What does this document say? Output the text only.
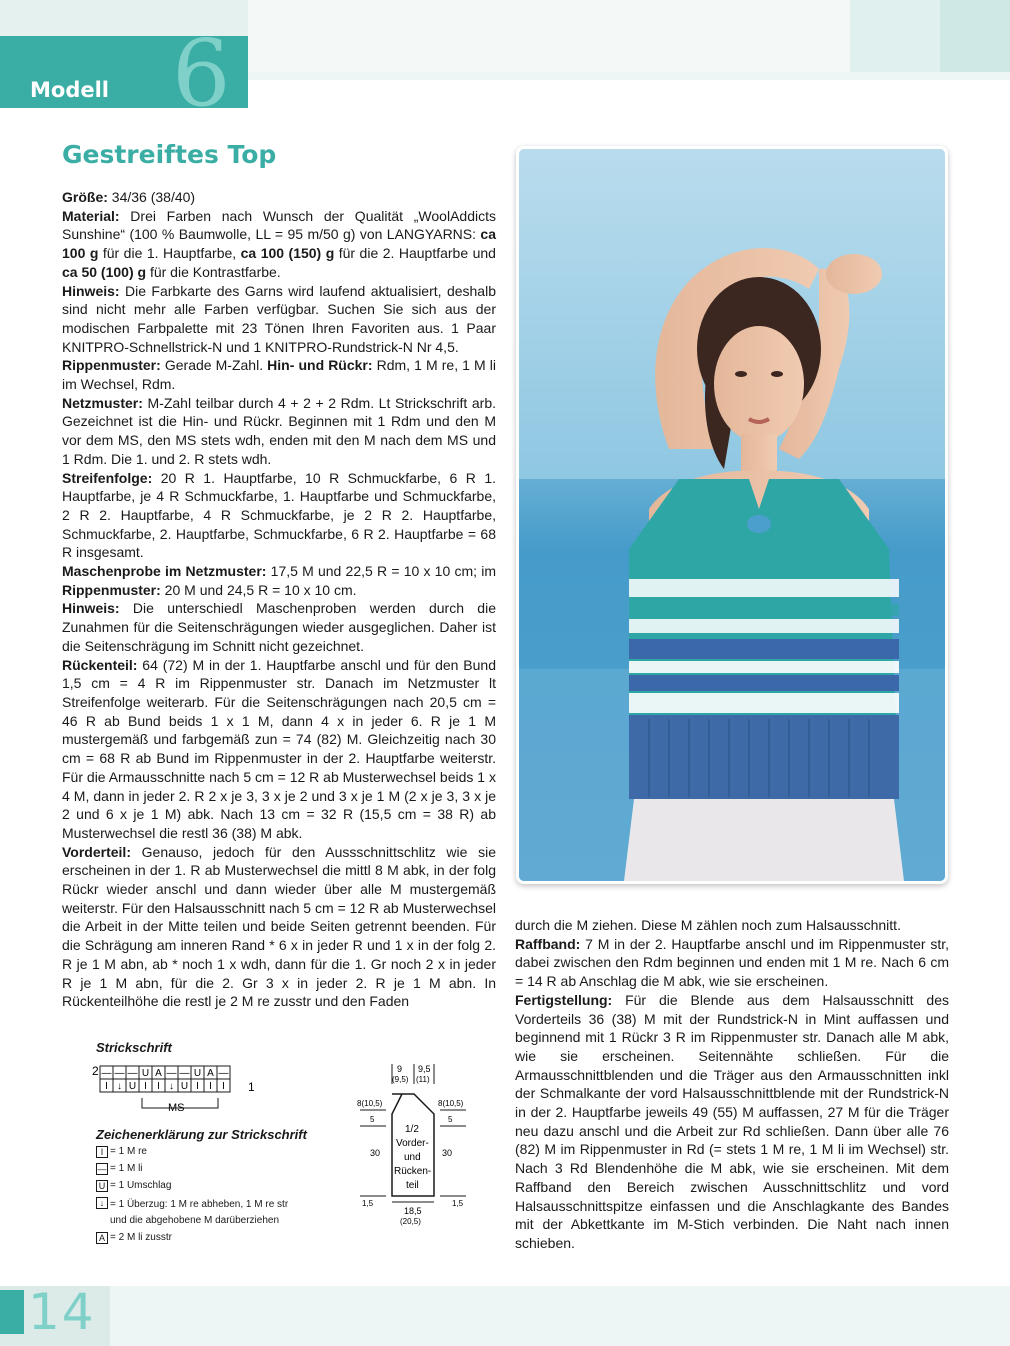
Modell 6
Gestreiftes Top

Größe: 34/36 (38/40)

Material: Drei Farben nach Wunsch der Qualität „WoolAddicts Sunshine“ (100 % Baumwolle, LL = 95 m/50 g) von LANGYARNS: ca 100 g für die 1. Hauptfarbe, ca 100 (150) g für die 2. Hauptfarbe und ca 50 (100) g für die Kontrastfarbe.

Hinweis: Die Farbkarte des Garns wird laufend aktualisiert, deshalb sind nicht mehr alle Farben verfügbar. Suchen Sie sich aus der modischen Farbpalette mit 23 Tönen Ihren Favoriten aus. 1 Paar KNITPRO-Schnellstrick-N und 1 KNITPRO-Rundstrick-N Nr 4,5.

Rippenmuster: Gerade M-Zahl. Hin- und Rückr: Rdm, 1 M re, 1 M li im Wechsel, Rdm.

Netzmuster: M-Zahl teilbar durch 4 + 2 + 2 Rdm. Lt Strickschrift arb. Gezeichnet ist die Hin- und Rückr. Beginnen mit 1 Rdm und den M vor dem MS, den MS stets wdh, enden mit den M nach dem MS und 1 Rdm. Die 1. und 2. R stets wdh.

Streifenfolge: 20 R 1. Hauptfarbe, 10 R Schmuckfarbe, 6 R 1. Hauptfarbe, je 4 R Schmuckfarbe, 1. Hauptfarbe und Schmuckfarbe, 2 R 2. Hauptfarbe, 4 R Schmuckfarbe, je 2 R 2. Hauptfarbe, Schmuckfarbe, 2. Hauptfarbe, Schmuckfarbe, 6 R 2. Hauptfarbe = 68 R insgesamt.

Maschenprobe im Netzmuster: 17,5 M und 22,5 R = 10 x 10 cm; im Rippenmuster: 20 M und 24,5 R = 10 x 10 cm.

Hinweis: Die unterschiedl Maschenproben werden durch die Zunahmen für die Seitenschrägungen wieder ausgeglichen. Daher ist die Seitenschrägung im Schnitt nicht gezeichnet.

Rückenteil: 64 (72) M in der 1. Hauptfarbe anschl und für den Bund 1,5 cm = 4 R im Rippenmuster str. Danach im Netzmuster lt Streifenfolge weiterarb. Für die Seitenschrägungen nach 20,5 cm = 46 R ab Bund beids 1 x 1 M, dann 4 x in jeder 6. R je 1 M mustergemäß und farbgemäß zun = 74 (82) M. Gleichzeitig nach 30 cm = 68 R ab Bund im Rippenmuster in der 2. Hauptfarbe weiterstr. Für die Armausschnitte nach 5 cm = 12 R ab Musterwechsel beids 1 x 4 M, dann in jeder 2. R 2 x je 3, 3 x je 2 und 3 x je 1 M (2 x je 3, 3 x je 2 und 6 x je 1 M) abk. Nach 13 cm = 32 R (15,5 cm = 38 R) ab Musterwechsel die restl 36 (38) M abk.

Vorderteil: Genauso, jedoch für den Aussschnittschlitz wie sie erscheinen in der 1. R ab Musterwechsel die mittl 8 M abk, in der folg Rückr wieder anschl und dann wieder über alle M mustergemäß weiterstr. Für den Halsausschnitt nach 5 cm = 12 R ab Musterwechsel die Arbeit in der Mitte teilen und beide Seiten getrennt beenden. Für die Schrägung am inneren Rand * 6 x in jeder R und 1 x in der folg 2. R je 1 M abn, ab * noch 1 x wdh, dann für die 1. Gr noch 2 x in jeder R je 1 M abn, für die 2. Gr 3 x in jeder 2. R je 1 M abn. In Rückenteilhöhe die restl je 2 M re zusstr und den Faden

durch die M ziehen. Diese M zählen noch zum Halsausschnitt.

Raffband: 7 M in der 2. Hauptfarbe anschl und im Rippenmuster str, dabei zwischen den Rdm beginnen und enden mit 1 M re. Nach 6 cm = 14 R ab Anschlag die M abk, wie sie erscheinen.

Fertigstellung: Für die Blende aus dem Halsausschnitt des Vorderteils 36 (38) M mit der Rundstrick-N in Mint auffassen und beginnend mit 1 Rückr 3 R im Rippenmuster str. Danach alle M abk, wie sie erscheinen. Seitennähte schließen. Für die Armausschnittblenden und die Träger aus den Armausschnitten inkl der Schmalkante der vord Halsausschnittblende mit der Rundstrick-N in der 2. Hauptfarbe jeweils 49 (55) M auffassen, 27 M für die Träger neu dazu anschl und die Arbeit zur Rd schließen. Dann über alle 76 (82) M im Rippenmuster in Rd (= stets 1 M re, 1 M li im Wechsel) str. Nach 3 Rd Blendenhöhe die M abk, wie sie erscheinen. Mit dem Raffband den Bereich zwischen Ausschnittschlitz und vord Halsausschnittspitze einfassen und die Anschlagkante des Bandes mit der Abkettkante im M-Stich verbinden. Die Naht nach innen schieben.

Strickschrift
2
1
— — — U A — — U A —
I ↓ U I I ↓ U I I I
MS
Zeichenerklärung zur Strickschrift
I = 1 M re
— = 1 M li
U = 1 Umschlag
↓ = 1 Überzug: 1 M re abheben, 1 M re str und die abgehobene M darüberziehen
A = 2 M li zusstr
9
(9,5)
9,5
(11)
8(10,5)
5
30
1,5
8(10,5)
5
30
1,5
1/2
Vorder-
und
Rücken-
teil
18,5
(20,5)
14
